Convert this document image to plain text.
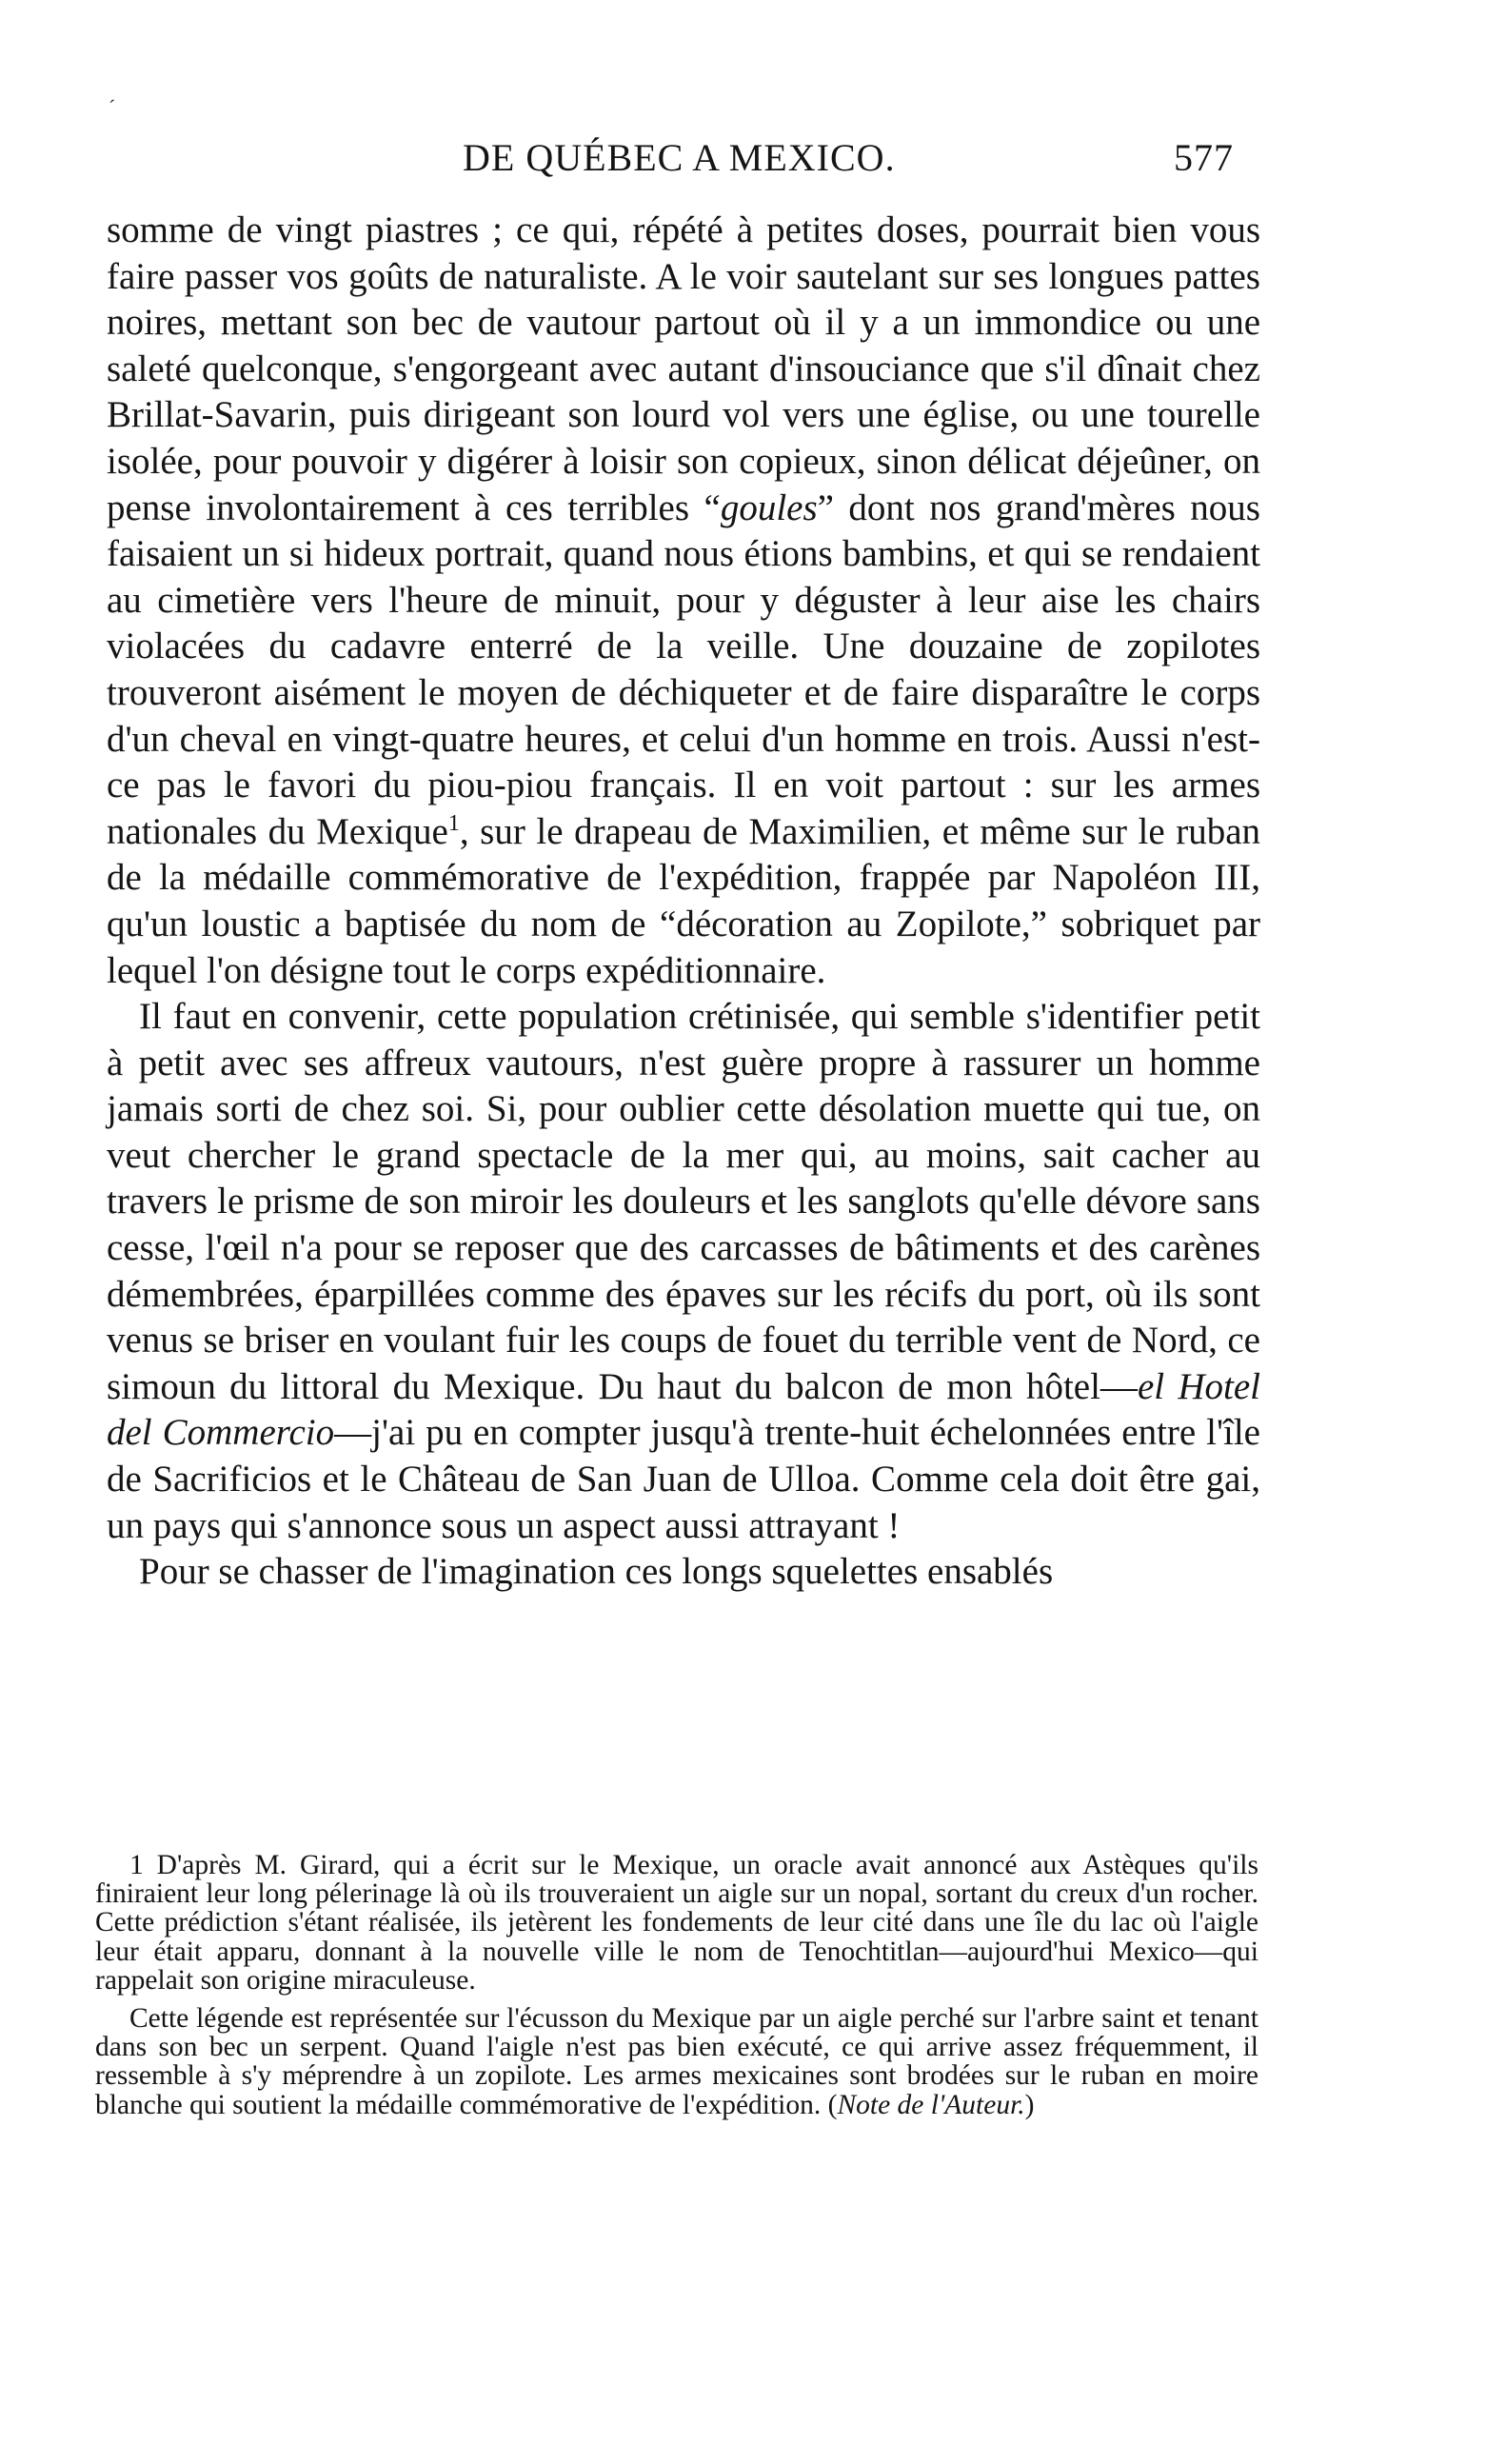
´
DE QUÉBEC A MEXICO.	577

somme de vingt piastres ; ce qui, répété à petites doses, pourrait bien vous faire passer vos goûts de naturaliste. A le voir sautelant sur ses longues pattes noires, mettant son bec de vautour partout où il y a un immondice ou une saleté quelconque, s'engorgeant avec autant d'insouciance que s'il dînait chez Brillat-Savarin, puis dirigeant son lourd vol vers une église, ou une tourelle isolée, pour pouvoir y digérer à loisir son copieux, sinon délicat déjeûner, on pense involontairement à ces terribles “goules” dont nos grand'mères nous faisaient un si hideux portrait, quand nous étions bambins, et qui se rendaient au cimetière vers l'heure de minuit, pour y déguster à leur aise les chairs violacées du cadavre enterré de la veille. Une douzaine de zopilotes trouveront aisément le moyen de déchiqueter et de faire disparaître le corps d'un cheval en vingt-quatre heures, et celui d'un homme en trois. Aussi n'est-ce pas le favori du piou-piou français. Il en voit partout : sur les armes nationales du Mexique$^1$, sur le drapeau de Maximilien, et même sur le ruban de la médaille commémorative de l'expédition, frappée par Napoléon III, qu'un loustic a baptisée du nom de “décoration au Zopilote,” sobriquet par lequel l'on désigne tout le corps expéditionnaire.

Il faut en convenir, cette population crétinisée, qui semble s'identifier petit à petit avec ses affreux vautours, n'est guère propre à rassurer un homme jamais sorti de chez soi. Si, pour oublier cette désolation muette qui tue, on veut chercher le grand spectacle de la mer qui, au moins, sait cacher au travers le prisme de son miroir les douleurs et les sanglots qu'elle dévore sans cesse, l'œil n'a pour se reposer que des carcasses de bâtiments et des carènes démembrées, éparpillées comme des épaves sur les récifs du port, où ils sont venus se briser en voulant fuir les coups de fouet du terrible vent de Nord, ce simoun du littoral du Mexique. Du haut du balcon de mon hôtel—el Hotel del Commercio—j'ai pu en compter jusqu'à trente-huit échelonnées entre l'île de Sacrificios et le Château de San Juan de Ulloa. Comme cela doit être gai, un pays qui s'annonce sous un aspect aussi attrayant !

Pour se chasser de l'imagination ces longs squelettes ensablés

1 D'après M. Girard, qui a écrit sur le Mexique, un oracle avait annoncé aux Astèques qu'ils finiraient leur long pélerinage là où ils trouveraient un aigle sur un nopal, sortant du creux d'un rocher. Cette prédiction s'étant réalisée, ils jetèrent les fondements de leur cité dans une île du lac où l'aigle leur était apparu, donnant à la nouvelle ville le nom de Tenochtitlan—aujourd'hui Mexico—qui rappelait son origine miraculeuse.

Cette légende est représentée sur l'écusson du Mexique par un aigle perché sur l'arbre saint et tenant dans son bec un serpent. Quand l'aigle n'est pas bien exécuté, ce qui arrive assez fréquemment, il ressemble à s'y méprendre à un zopilote. Les armes mexicaines sont brodées sur le ruban en moire blanche qui soutient la médaille commémorative de l'expédition. (Note de l'Auteur.)
